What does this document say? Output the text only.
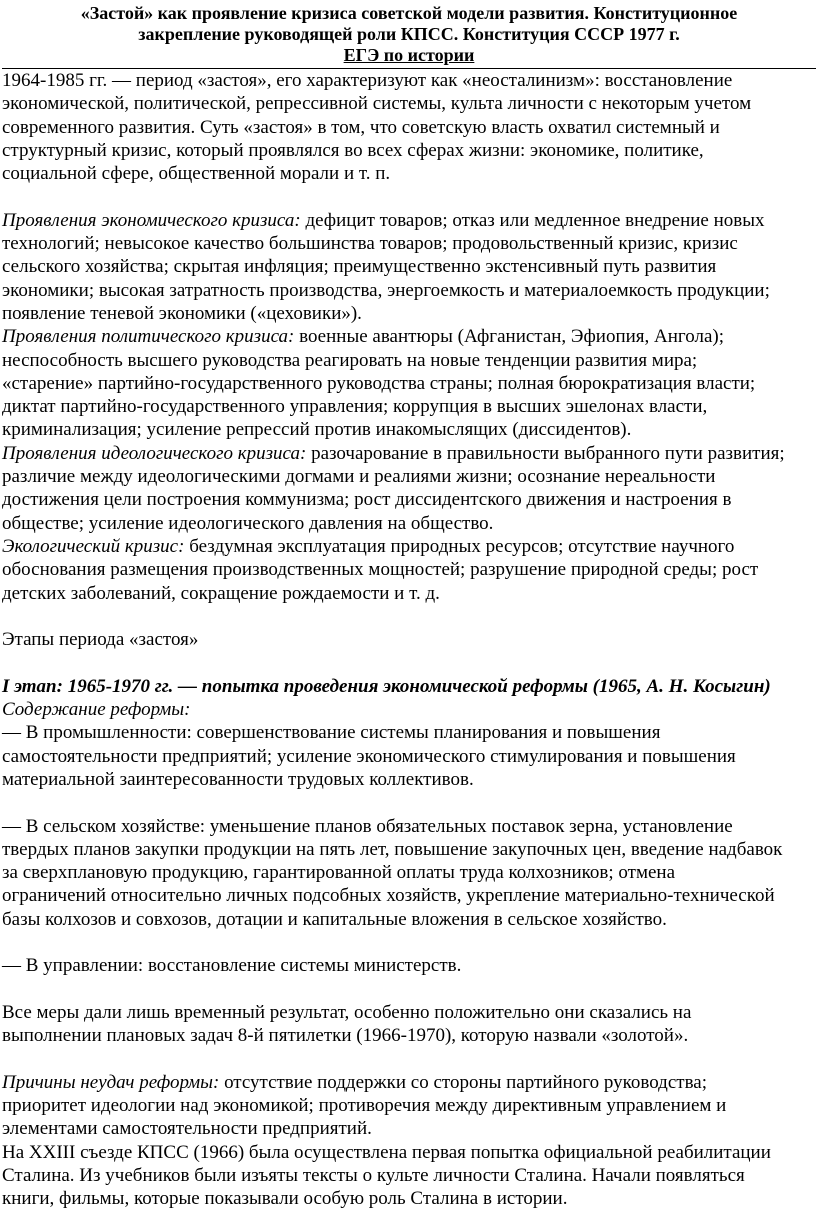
«Застой» как проявление кризиса советской модели развития. Конституционное
закрепление руководящей роли КПСС. Конституция СССР 1977 г.
ЕГЭ по истории
1964-1985 гг. — период «застоя», его характеризуют как «неосталинизм»: восстановление
экономической, политической, репрессивной системы, культа личности с некоторым учетом
современного развития. Суть «застоя» в том, что советскую власть охватил системный и
структурный кризис, который проявлялся во всех сферах жизни: экономике, политике,
социальной сфере, общественной морали и т. п.
Проявления экономического кризиса: дефицит товаров; отказ или медленное внедрение новых
технологий; невысокое качество большинства товаров; продовольственный кризис, кризис
сельского хозяйства; скрытая инфляция; преимущественно экстенсивный путь развития
экономики; высокая затратность производства, энергоемкость и материалоемкость продукции;
появление теневой экономики («цеховики»).
Проявления политического кризиса: военные авантюры (Афганистан, Эфиопия, Ангола);
неспособность высшего руководства реагировать на новые тенденции развития мира;
«старение» партийно-государственного руководства страны; полная бюрократизация власти;
диктат партийно-государственного управления; коррупция в высших эшелонах власти,
криминализация; усиление репрессий против инакомыслящих (диссидентов).
Проявления идеологического кризиса: разочарование в правильности выбранного пути развития;
различие между идеологическими догмами и реалиями жизни; осознание нереальности
достижения цели построения коммунизма; рост диссидентского движения и настроения в
обществе; усиление идеологического давления на общество.
Экологический кризис: бездумная эксплуатация природных ресурсов; отсутствие научного
обоснования размещения производственных мощностей; разрушение природной среды; рост
детских заболеваний, сокращение рождаемости и т. д.
Этапы периода «застоя»
I этап: 1965-1970 гг. — попытка проведения экономической реформы (1965, А. Н. Косыгин)
Содержание реформы:
— В промышленности: совершенствование системы планирования и повышения
самостоятельности предприятий; усиление экономического стимулирования и повышения
материальной заинтересованности трудовых коллективов.
— В сельском хозяйстве: уменьшение планов обязательных поставок зерна, установление
твердых планов закупки продукции на пять лет, повышение закупочных цен, введение надбавок
за сверхплановую продукцию, гарантированной оплаты труда колхозников; отмена
ограничений относительно личных подсобных хозяйств, укрепление материально-технической
базы колхозов и совхозов, дотации и капитальные вложения в сельское хозяйство.
— В управлении: восстановление системы министерств.
Все меры дали лишь временный результат, особенно положительно они сказались на
выполнении плановых задач 8-й пятилетки (1966-1970), которую назвали «золотой».
Причины неудач реформы: отсутствие поддержки со стороны партийного руководства;
приоритет идеологии над экономикой; противоречия между директивным управлением и
элементами самостоятельности предприятий.
На XXIII съезде КПСС (1966) была осуществлена первая попытка официальной реабилитации
Сталина. Из учебников были изъяты тексты о культе личности Сталина. Начали появляться
книги, фильмы, которые показывали особую роль Сталина в истории.
